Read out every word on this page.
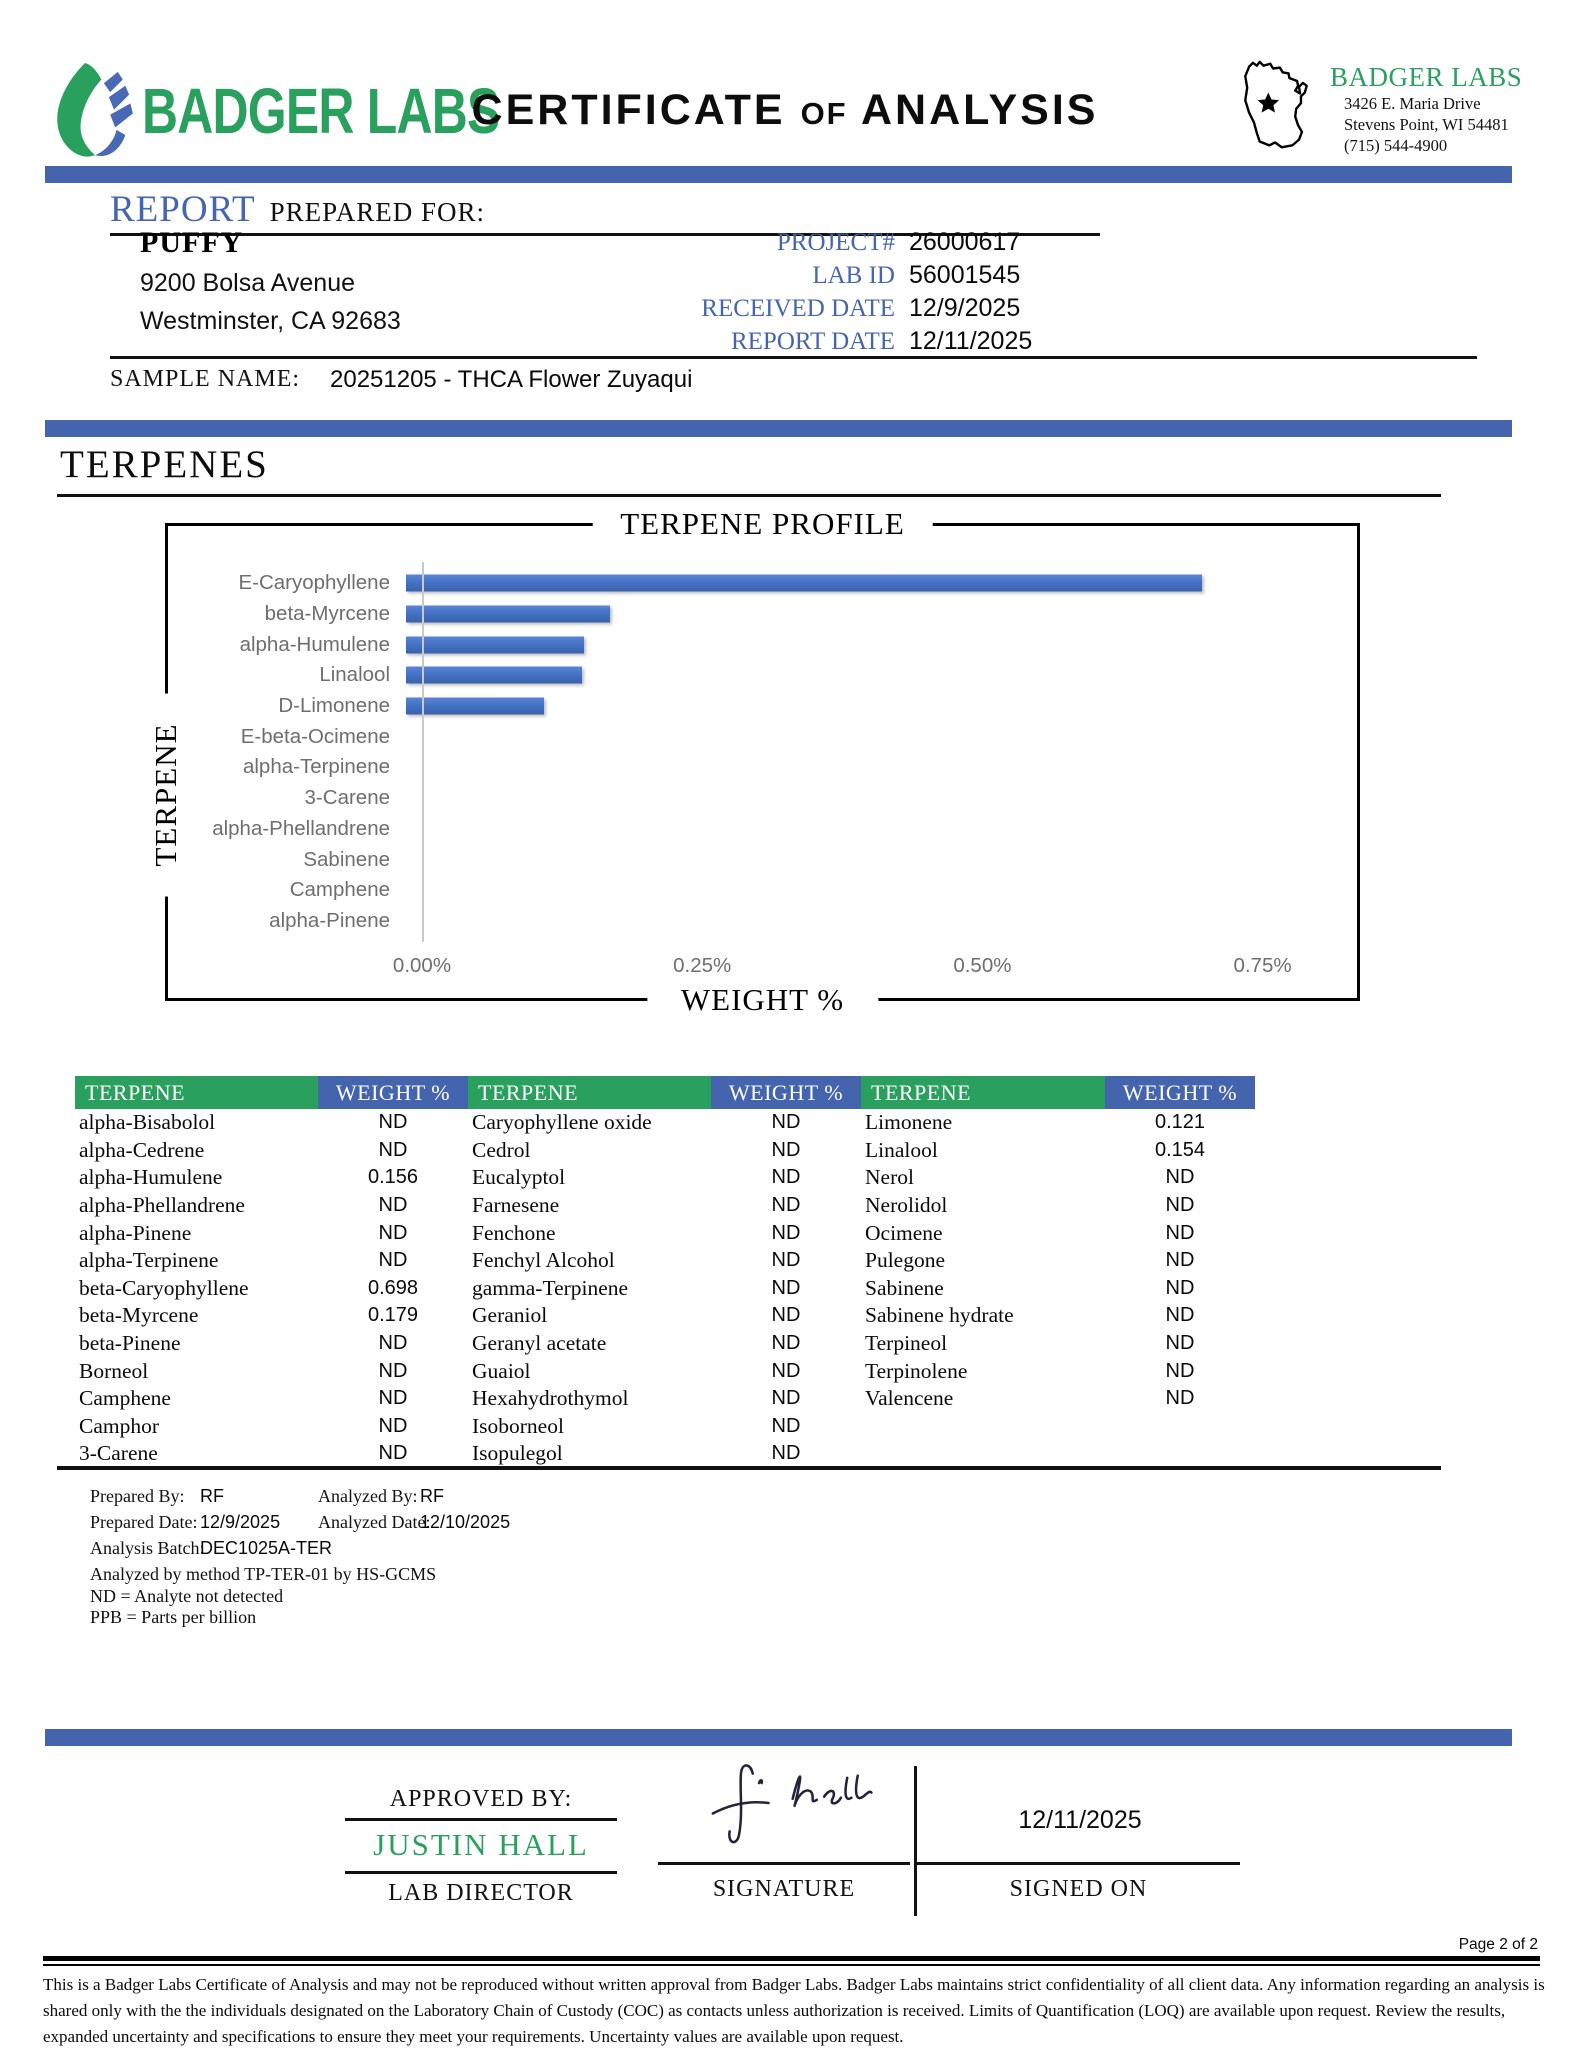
BADGER LABS
CERTIFICATE OF ANALYSIS
BADGER LABS
3426 E. Maria Drive
Stevens Point, WI 54481
(715) 544-4900
REPORT PREPARED FOR:
PUFFY
9200 Bolsa Avenue
Westminster, CA 92683
PROJECT# 26000617
LAB ID 56001545
RECEIVED DATE 12/9/2025
REPORT DATE 12/11/2025
SAMPLE NAME: 20251205 - THCA Flower Zuyaqui
TERPENES
TERPENE PROFILE
TERPENE
WEIGHT %
E-Caryophyllene
beta-Myrcene
alpha-Humulene
Linalool
D-Limonene
E-beta-Ocimene
alpha-Terpinene
3-Carene
alpha-Phellandrene
Sabinene
Camphene
alpha-Pinene
0.00%	0.25%	0.50%	0.75%
TERPENE	WEIGHT %	TERPENE	WEIGHT %	TERPENE	WEIGHT %
alpha-Bisabolol	ND	Caryophyllene oxide	ND	Limonene	0.121
alpha-Cedrene	ND	Cedrol	ND	Linalool	0.154
alpha-Humulene	0.156	Eucalyptol	ND	Nerol	ND
alpha-Phellandrene	ND	Farnesene	ND	Nerolidol	ND
alpha-Pinene	ND	Fenchone	ND	Ocimene	ND
alpha-Terpinene	ND	Fenchyl Alcohol	ND	Pulegone	ND
beta-Caryophyllene	0.698	gamma-Terpinene	ND	Sabinene	ND
beta-Myrcene	0.179	Geraniol	ND	Sabinene hydrate	ND
beta-Pinene	ND	Geranyl acetate	ND	Terpineol	ND
Borneol	ND	Guaiol	ND	Terpinolene	ND
Camphene	ND	Hexahydrothymol	ND	Valencene	ND
Camphor	ND	Isoborneol	ND		
3-Carene	ND	Isopulegol	ND		
Prepared By: RF	Analyzed By: RF
Prepared Date: 12/9/2025 Analyzed Date:
12/10/2025
Analysis Batch:
DEC1025A-TER
Analyzed by method TP-TER-01 by HS-GCMS
ND = Analyte not detected
PPB = Parts per billion
APPROVED BY:
JUSTIN HALL
LAB DIRECTOR	SIGNATURE
12/11/2025
SIGNED ON
Page 2 of 2

This is a Badger Labs Certificate of Analysis and may not be reproduced without written approval from Badger Labs. Badger Labs maintains strict confidentiality of all client data. Any information regarding an analysis is shared only with the the individuals designated on the Laboratory Chain of Custody (COC) as contacts unless authorization is received. Limits of Quantification (LOQ) are available upon request. Review the results, expanded uncertainty and specifications to ensure they meet your requirements. Uncertainty values are available upon request.
